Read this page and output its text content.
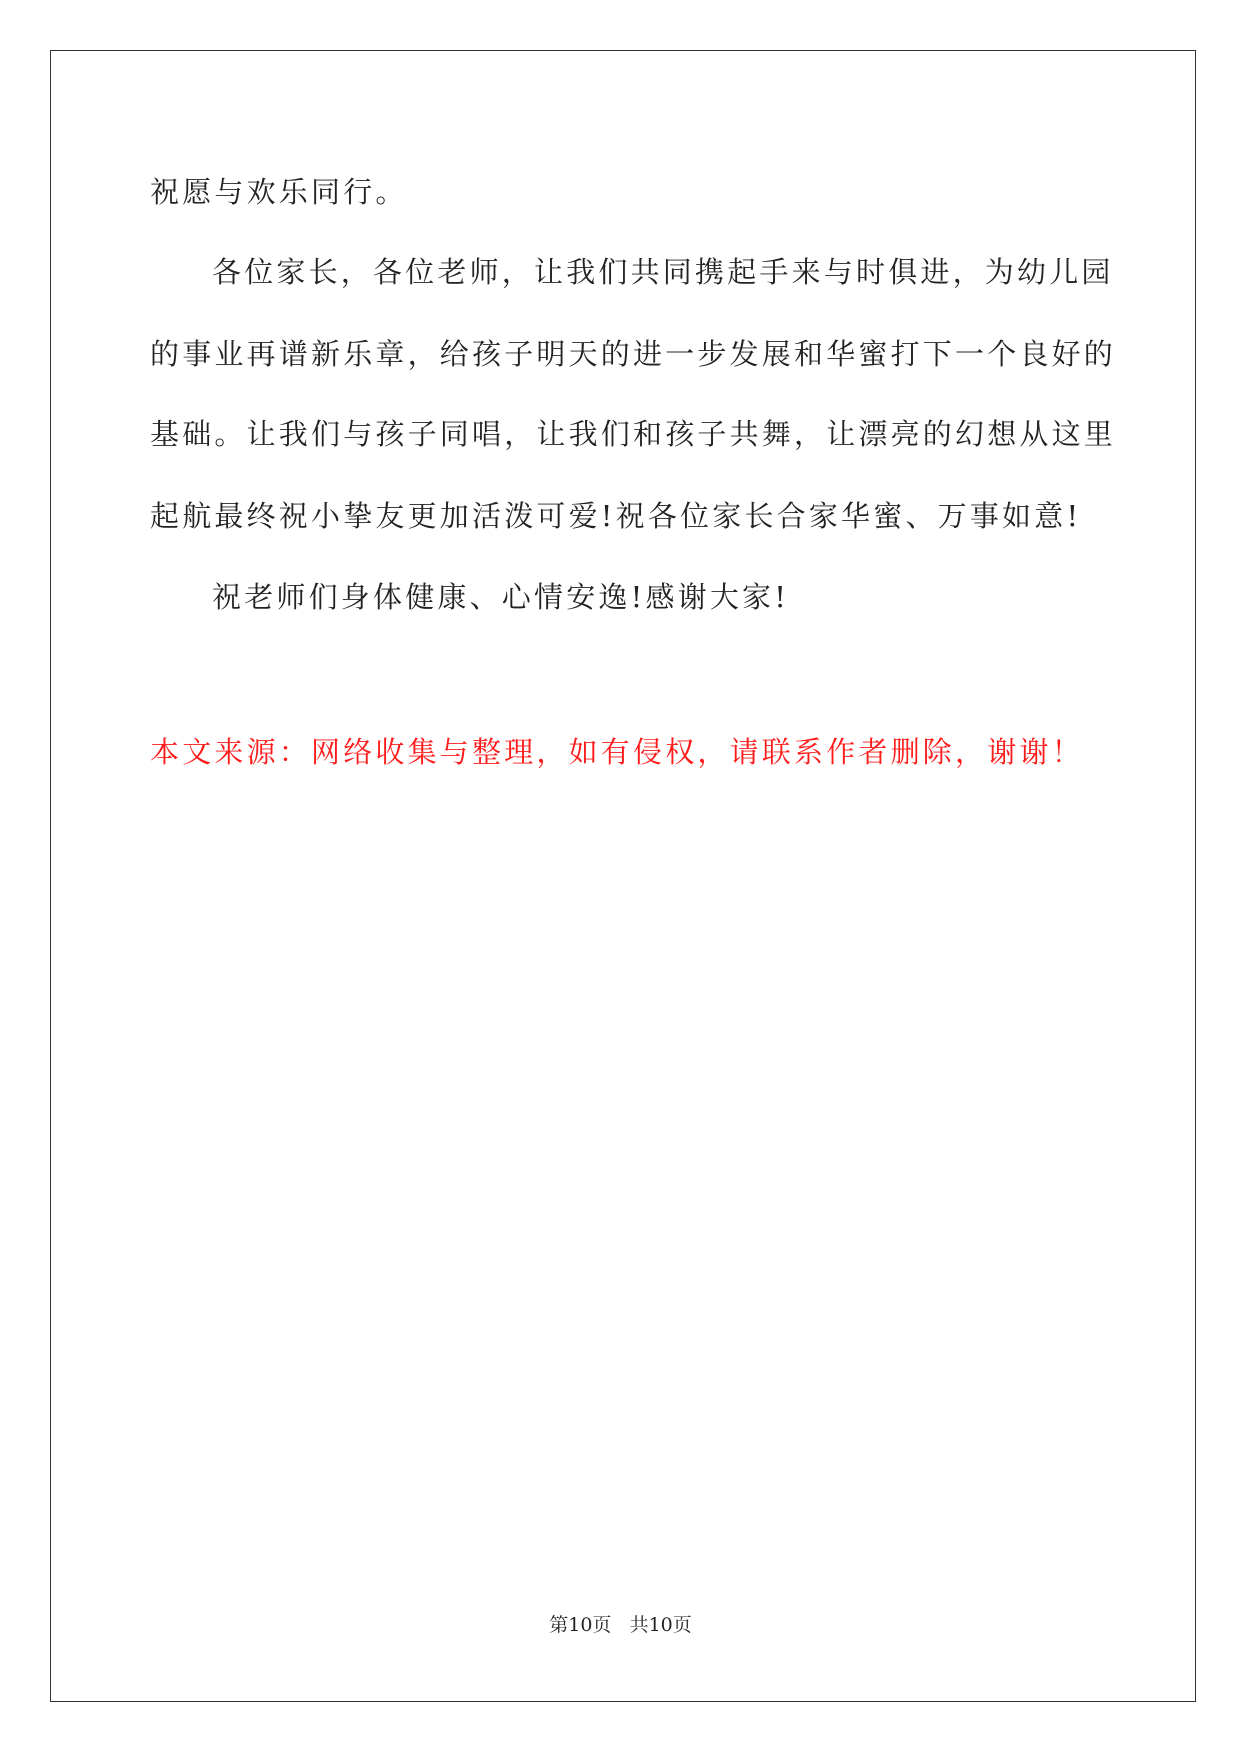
祝愿与欢乐同行。
各位家长，各位老师，让我们共同携起手来与时俱进，为幼儿园
的事业再谱新乐章，给孩子明天的进一步发展和华蜜打下一个良好的
基础。让我们与孩子同唱，让我们和孩子共舞，让漂亮的幻想从这里
起航最终祝小挚友更加活泼可爱!祝各位家长合家华蜜、万事如意!
祝老师们身体健康、心情安逸!感谢大家!
本文来源：网络收集与整理，如有侵权，请联系作者删除，谢谢！
第10页 共10页
